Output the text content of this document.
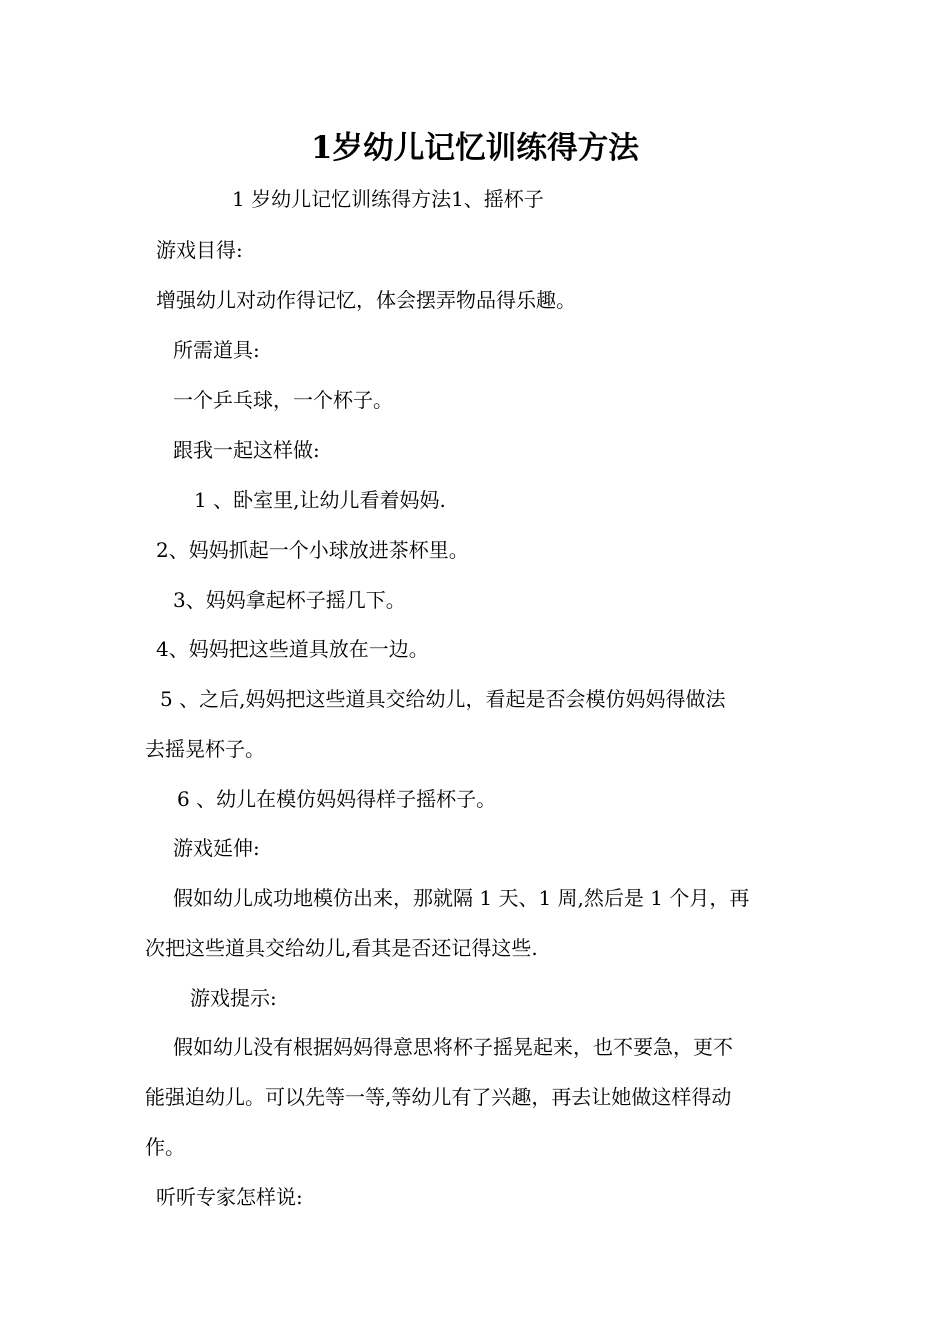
1岁幼儿记忆训练得方法
1 岁幼儿记忆训练得方法1、摇杯子
游戏目得:
增强幼儿对动作得记忆，体会摆弄物品得乐趣。
所需道具:
一个乒乓球，一个杯子。
跟我一起这样做:
1 、卧室里,让幼儿看着妈妈.
2、妈妈抓起一个小球放进茶杯里。
3、妈妈拿起杯子摇几下。
4、妈妈把这些道具放在一边。
5 、之后,妈妈把这些道具交给幼儿，看起是否会模仿妈妈得做法
去摇晃杯子。
6 、幼儿在模仿妈妈得样子摇杯子。
游戏延伸:
假如幼儿成功地模仿出来，那就隔 1 天、1 周,然后是 1 个月，再
次把这些道具交给幼儿,看其是否还记得这些.
游戏提示:
假如幼儿没有根据妈妈得意思将杯子摇晃起来，也不要急，更不
能强迫幼儿。可以先等一等,等幼儿有了兴趣，再去让她做这样得动
作。
听听专家怎样说:
